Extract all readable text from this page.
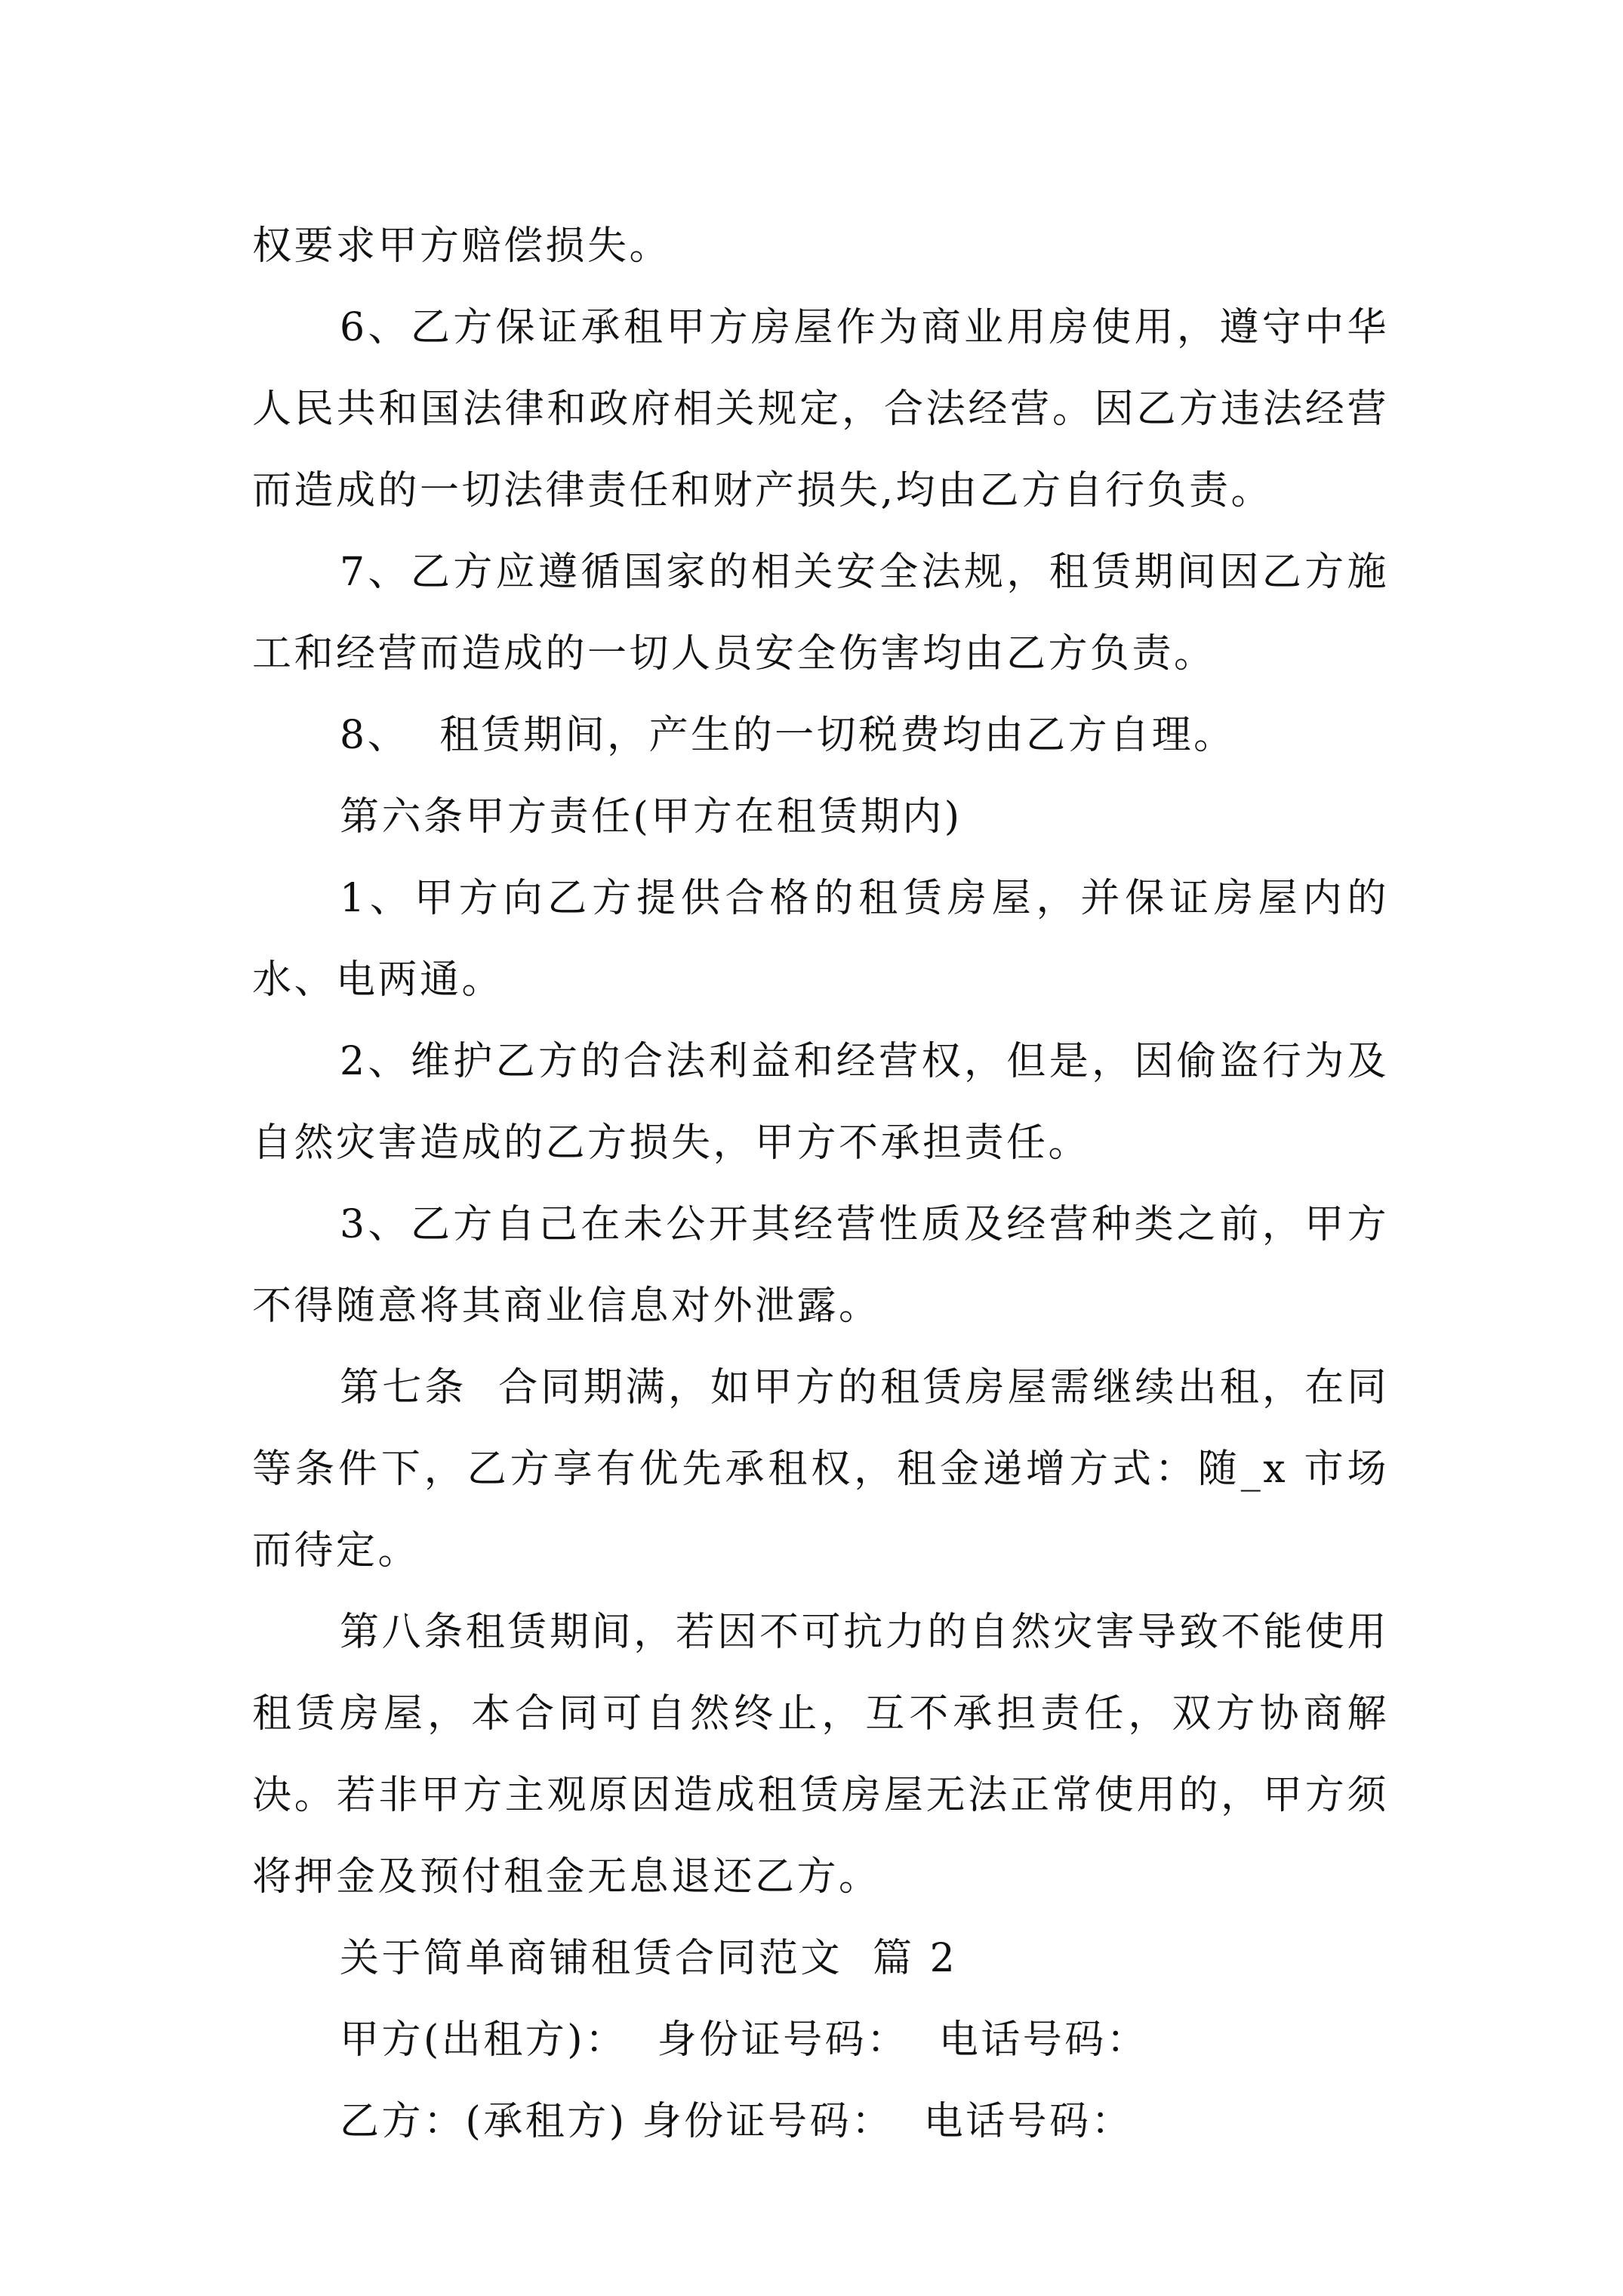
权要求甲方赔偿损失。

6、乙方保证承租甲方房屋作为商业用房使用，遵守中华人民共和国法律和政府相关规定，合法经营。因乙方违法经营而造成的一切法律责任和财产损失,均由乙方自行负责。

7、乙方应遵循国家的相关安全法规，租赁期间因乙方施工和经营而造成的一切人员安全伤害均由乙方负责。

8、  租赁期间，产生的一切税费均由乙方自理。

第六条甲方责任(甲方在租赁期内)

1、甲方向乙方提供合格的租赁房屋，并保证房屋内的水、电两通。

2、维护乙方的合法利益和经营权，但是，因偷盗行为及自然灾害造成的乙方损失，甲方不承担责任。

3、乙方自己在未公开其经营性质及经营种类之前，甲方不得随意将其商业信息对外泄露。

第七条  合同期满，如甲方的租赁房屋需继续出租，在同等条件下，乙方享有优先承租权，租金递增方式：随_x 市场而待定。

第八条租赁期间，若因不可抗力的自然灾害导致不能使用租赁房屋，本合同可自然终止，互不承担责任，双方协商解决。若非甲方主观原因造成租赁房屋无法正常使用的，甲方须将押金及预付租金无息退还乙方。

关于简单商铺租赁合同范文  篇 2

甲方(出租方)：  身份证号码：  电话号码：

乙方：(承租方) 身份证号码：  电话号码：
